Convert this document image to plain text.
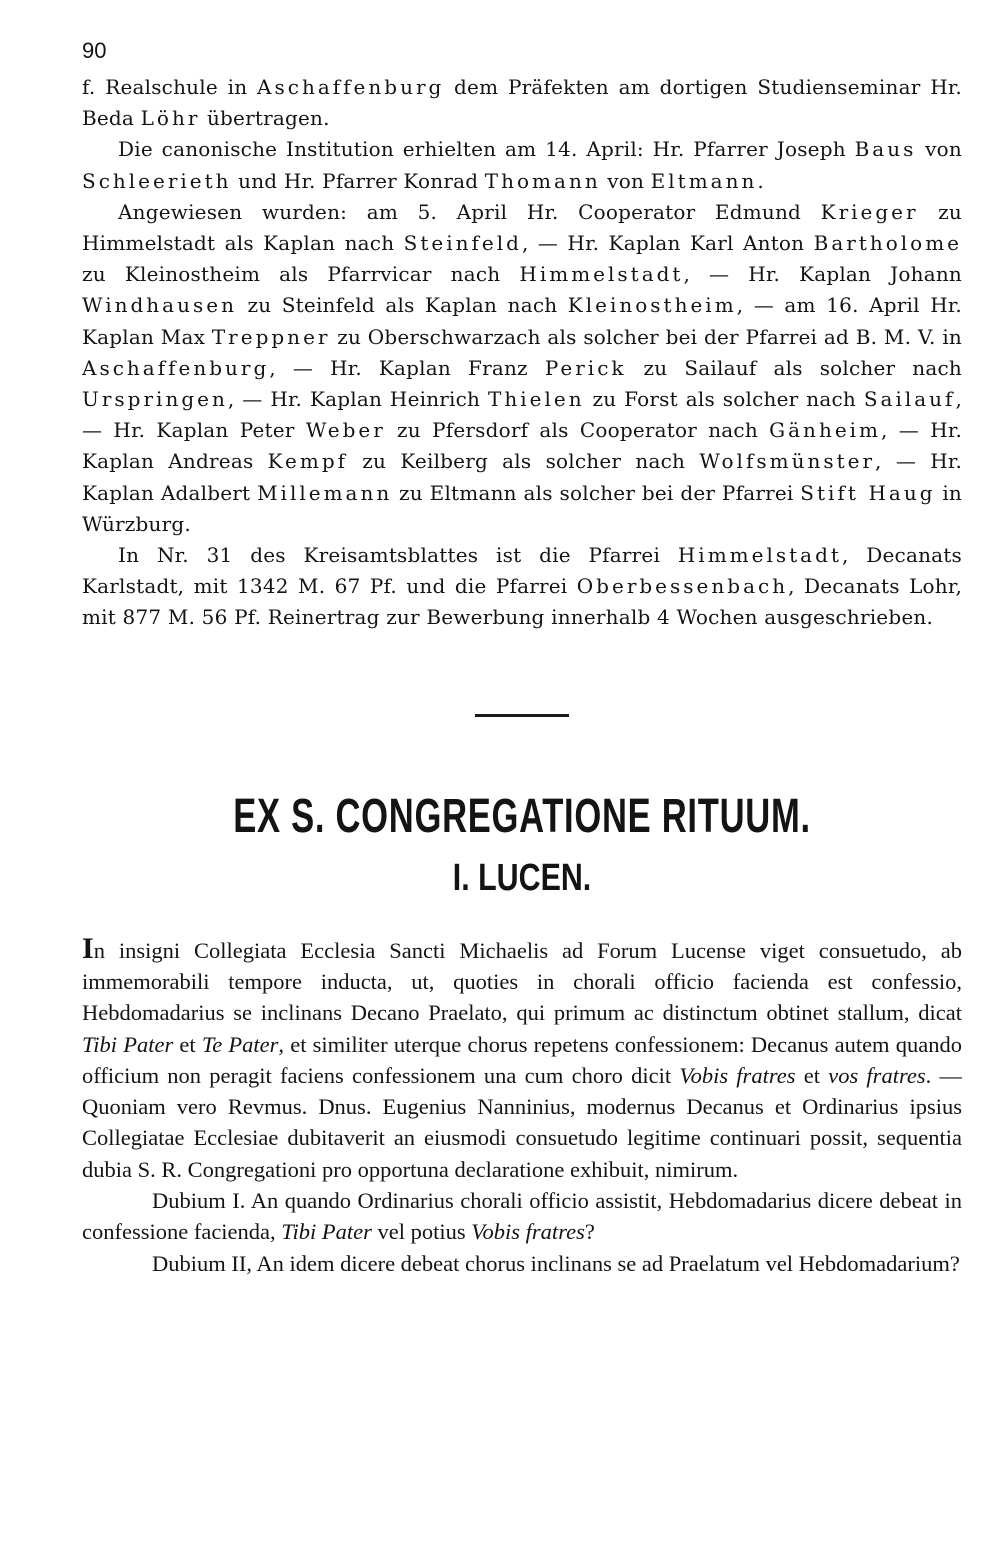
90

f. Realschule in Aschaffenburg dem Präfekten am dortigen Studienseminar Hr. Beda Löhr übertragen.

Die canonische Institution erhielten am 14. April: Hr. Pfarrer Joseph Baus von Schleerieth und Hr. Pfarrer Konrad Thomann von Eltmann.

Angewiesen wurden: am 5. April Hr. Cooperator Edmund Krieger zu Himmelstadt als Kaplan nach Steinfeld, — Hr. Kaplan Karl Anton Bartholome zu Kleinostheim als Pfarrvicar nach Himmelstadt, — Hr. Kaplan Johann Windhausen zu Steinfeld als Kaplan nach Kleinostheim, — am 16. April Hr. Kaplan Max Treppner zu Oberschwarzach als solcher bei der Pfarrei ad B. M. V. in Aschaffenburg, — Hr. Kaplan Franz Perick zu Sailauf als solcher nach Urspringen, — Hr. Kaplan Heinrich Thielen zu Forst als solcher nach Sailauf, — Hr. Kaplan Peter Weber zu Pfersdorf als Cooperator nach Gänheim, — Hr. Kaplan Andreas Kempf zu Keilberg als solcher nach Wolfsmünster, — Hr. Kaplan Adalbert Millemann zu Eltmann als solcher bei der Pfarrei Stift Haug in Würzburg.

In Nr. 31 des Kreisamtsblattes ist die Pfarrei Himmelstadt, Decanats Karlstadt, mit 1342 M. 67 Pf. und die Pfarrei Oberbessenbach, Decanats Lohr, mit 877 M. 56 Pf. Reinertrag zur Bewerbung innerhalb 4 Wochen ausgeschrieben.

EX S. CONGREGATIONE RITUUM.
I. LUCEN.

In insigni Collegiata Ecclesia Sancti Michaelis ad Forum Lucense viget consuetudo, ab immemorabili tempore inducta, ut, quoties in chorali officio facienda est confessio, Hebdomadarius se inclinans Decano Praelato, qui primum ac distinctum obtinet stallum, dicat Tibi Pater et Te Pater, et similiter uterque chorus repetens confessionem: Decanus autem quando officium non peragit faciens confessionem una cum choro dicit Vobis fratres et vos fratres. — Quoniam vero Revmus. Dnus. Eugenius Nanninius, modernus Decanus et Ordinarius ipsius Collegiatae Ecclesiae dubitaverit an eiusmodi consuetudo legitime continuari possit, sequentia dubia S. R. Congregationi pro opportuna declaratione exhibuit, nimirum.

Dubium I. An quando Ordinarius chorali officio assistit, Hebdomadarius dicere debeat in confessione facienda, Tibi Pater vel potius Vobis fratres?

Dubium II, An idem dicere debeat chorus inclinans se ad Praelatum vel Hebdomadarium?
